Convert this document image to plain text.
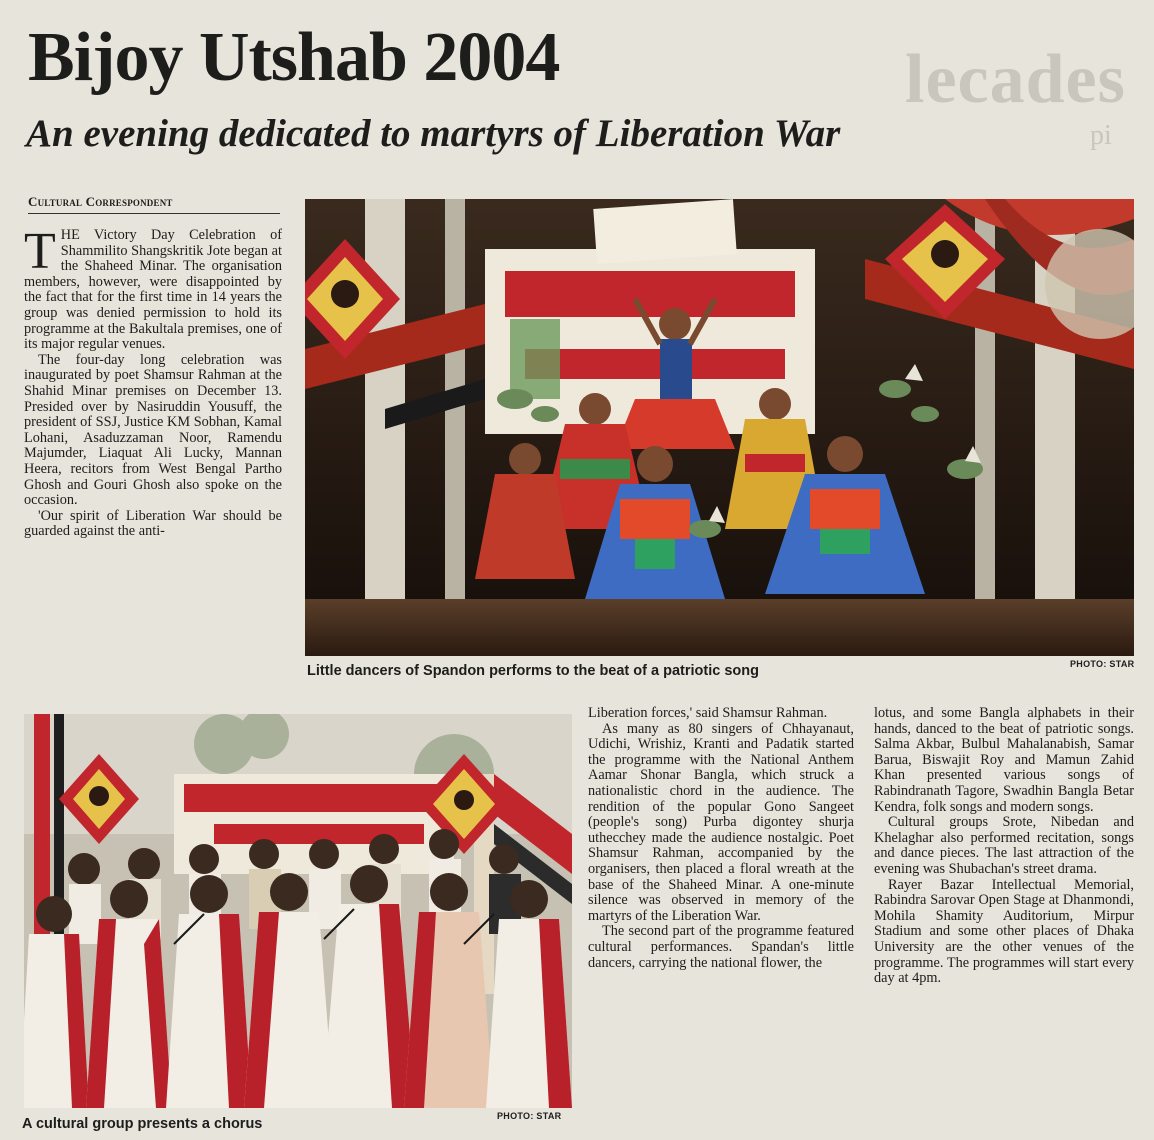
lecades
pi
Bijoy Utshab 2004
An evening dedicated to martyrs of Liberation War
Cultural Correspondent

THE Victory Day Celebration of Shammilito Shangskritik Jote began at the Shaheed Minar. The organisation members, however, were disappointed by the fact that for the first time in 14 years the group was denied permission to hold its programme at the Bakultala premises, one of its major regular venues.

The four-day long celebration was inaugurated by poet Shamsur Rahman at the Shahid Minar premises on December 13. Presided over by Nasiruddin Yousuff, the president of SSJ, Justice KM Sobhan, Kamal Lohani, Asaduzzaman Noor, Ramendu Majumder, Liaquat Ali Lucky, Mannan Heera, recitors from West Bengal Partho Ghosh and Gouri Ghosh also spoke on the occasion.

'Our spirit of Liberation War should be guarded against the anti-

Little dancers of Spandon performs to the beat of a patriotic song	PHOTO: STAR
A cultural group presents a chorus	PHOTO: STAR

Liberation forces,' said Shamsur Rahman.

As many as 80 singers of Chhayanaut, Udichi, Wrishiz, Kranti and Padatik started the programme with the National Anthem Aamar Shonar Bangla, which struck a nationalistic chord in the audience. The rendition of the popular Gono Sangeet (people's song) Purba digontey shurja uthecchey made the audience nostalgic. Poet Shamsur Rahman, accompanied by the organisers, then placed a floral wreath at the base of the Shaheed Minar. A one-minute silence was observed in memory of the martyrs of the Liberation War.

The second part of the programme featured cultural performances. Spandan's little dancers, carrying the national flower, the

lotus, and some Bangla alphabets in their hands, danced to the beat of patriotic songs. Salma Akbar, Bulbul Mahalanabish, Samar Barua, Biswajit Roy and Mamun Zahid Khan presented various songs of Rabindranath Tagore, Swadhin Bangla Betar Kendra, folk songs and modern songs.

Cultural groups Srote, Nibedan and Khelaghar also performed recitation, songs and dance pieces. The last attraction of the evening was Shubachan's street drama.

Rayer Bazar Intellectual Memorial, Rabindra Sarovar Open Stage at Dhanmondi, Mohila Shamity Auditorium, Mirpur Stadium and some other places of Dhaka University are the other venues of the programme. The programmes will start every day at 4pm.
